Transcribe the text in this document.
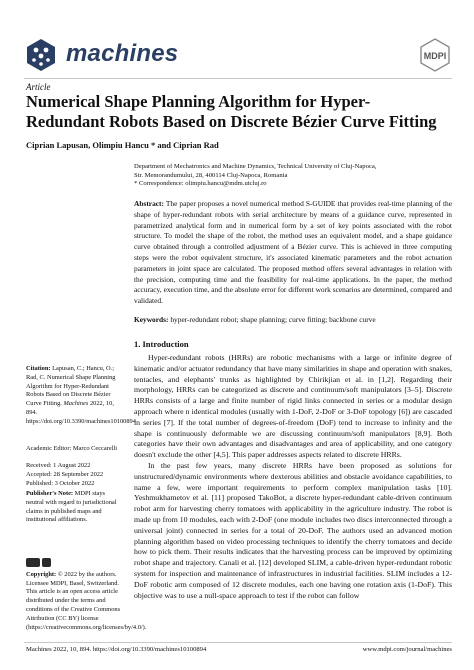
machines	MDPI
Article
Numerical Shape Planning Algorithm for Hyper-Redundant Robots Based on Discrete Bézier Curve Fitting
Ciprian Lapusan, Olimpiu Hancu * and Ciprian Rad
Department of Mechatronics and Machine Dynamics, Technical University of Cluj-Napoca,
Str. Memorandumului, 28, 400114 Cluj-Napoca, Romania
* Correspondence: olimpiu.hancu@mdm.utcluj.ro
Abstract: The paper proposes a novel numerical method S-GUIDE that provides real-time planning of the shape of hyper-redundant robots with serial architecture by means of a guidance curve, represented in parametrized analytical form and in numerical form by a set of key points associated with the robot structure. To model the shape of the robot, the method uses an equivalent model, and a shape guidance curve obtained through a controlled adjustment of a Bézier curve. This is achieved in three computing steps were the robot equivalent structure, it's associated kinematic parameters and the robot actuation parameters in joint space are calculated. The proposed method offers several advantages in relation with the precision, computing time and the feasibility for real-time applications. In the paper, the method accuracy, execution time, and the absolute error for different work scenarios are determined, compared and validated.
Keywords: hyper-redundant robot; shape planning; curve fitting; backbone curve
Citation: Lapusan, C.; Hancu, O.; Rad, C. Numerical Shape Planning Algorithm for Hyper-Redundant Robots Based on Discrete Bézier Curve Fitting. Machines 2022, 10, 894. https://doi.org/10.3390/machines10100894
Academic Editor: Marco Ceccarelli
Received: 1 August 2022
Accepted: 28 September 2022
Published: 3 October 2022
Publisher's Note: MDPI stays neutral with regard to jurisdictional claims in published maps and institutional affiliations.
Copyright: © 2022 by the authors. Licensee MDPI, Basel, Switzerland. This article is an open access article distributed under the terms and conditions of the Creative Commons Attribution (CC BY) license (https://creativecommons.org/licenses/by/4.0/).
1. Introduction

Hyper-redundant robots (HRRs) are robotic mechanisms with a large or infinite degree of kinematic and/or actuator redundancy that have many similarities in shape and operation with snakes, tentacles, and elephants' trunks as highlighted by Chirikjian et al. in [1,2]. Regarding their morphology, HRRs can be categorized as discrete and continuum/soft manipulators [3–5]. Discrete HRRs consists of a large and finite number of rigid links connected in series or a modular design approach where n identical modules (usually with 1-DoF, 2-DoF or 3-DoF topology [6]) are cascaded in series [7]. If the total number of degrees-of-freedom (DoF) tend to increase to infinity and the shape is continuously deformable we are discussing continuum/soft manipulators [8,9]. Both categories have their own advantages and disadvantages and area of applicability, and one category doesn't exclude the other [4,5]. This paper addresses aspects related to discrete HRRs.

In the past few years, many discrete HRRs have been proposed as solutions for unstructured/dynamic environments where dexterous abilities and obstacle avoidance capabilities, to name a few, were important requirements to perform complex manipulation tasks [10]. Yeshmukhametov et al. [11] proposed TakoBot, a discrete hyper-redundant cable-driven continuum robot arm for harvesting cherry tomatoes with applicability in the agriculture industry. The robot is made up from 10 modules, each with 2-DoF (one module includes two discs interconnected through a universal joint) connected in series for a total of 20-DoF. The authors used an advanced motion planning algorithm based on video processing techniques to identify the cherry tomatoes and decide how to pick them. Their results indicates that the harvesting process can be improved by optimizing robot shape and trajectory. Canali et al. [12] developed SLIM, a cable-driven hyper-redundant robotic system for inspection and maintenance of infrastructures in industrial facilities. SLIM includes a 12-DoF robotic arm composed of 12 discrete modules, each one having one rotation axis (1-DoF). This objective was to use a null-space approach to test if the robot can follow

Machines 2022, 10, 894. https://doi.org/10.3390/machines10100894	www.mdpi.com/journal/machines
